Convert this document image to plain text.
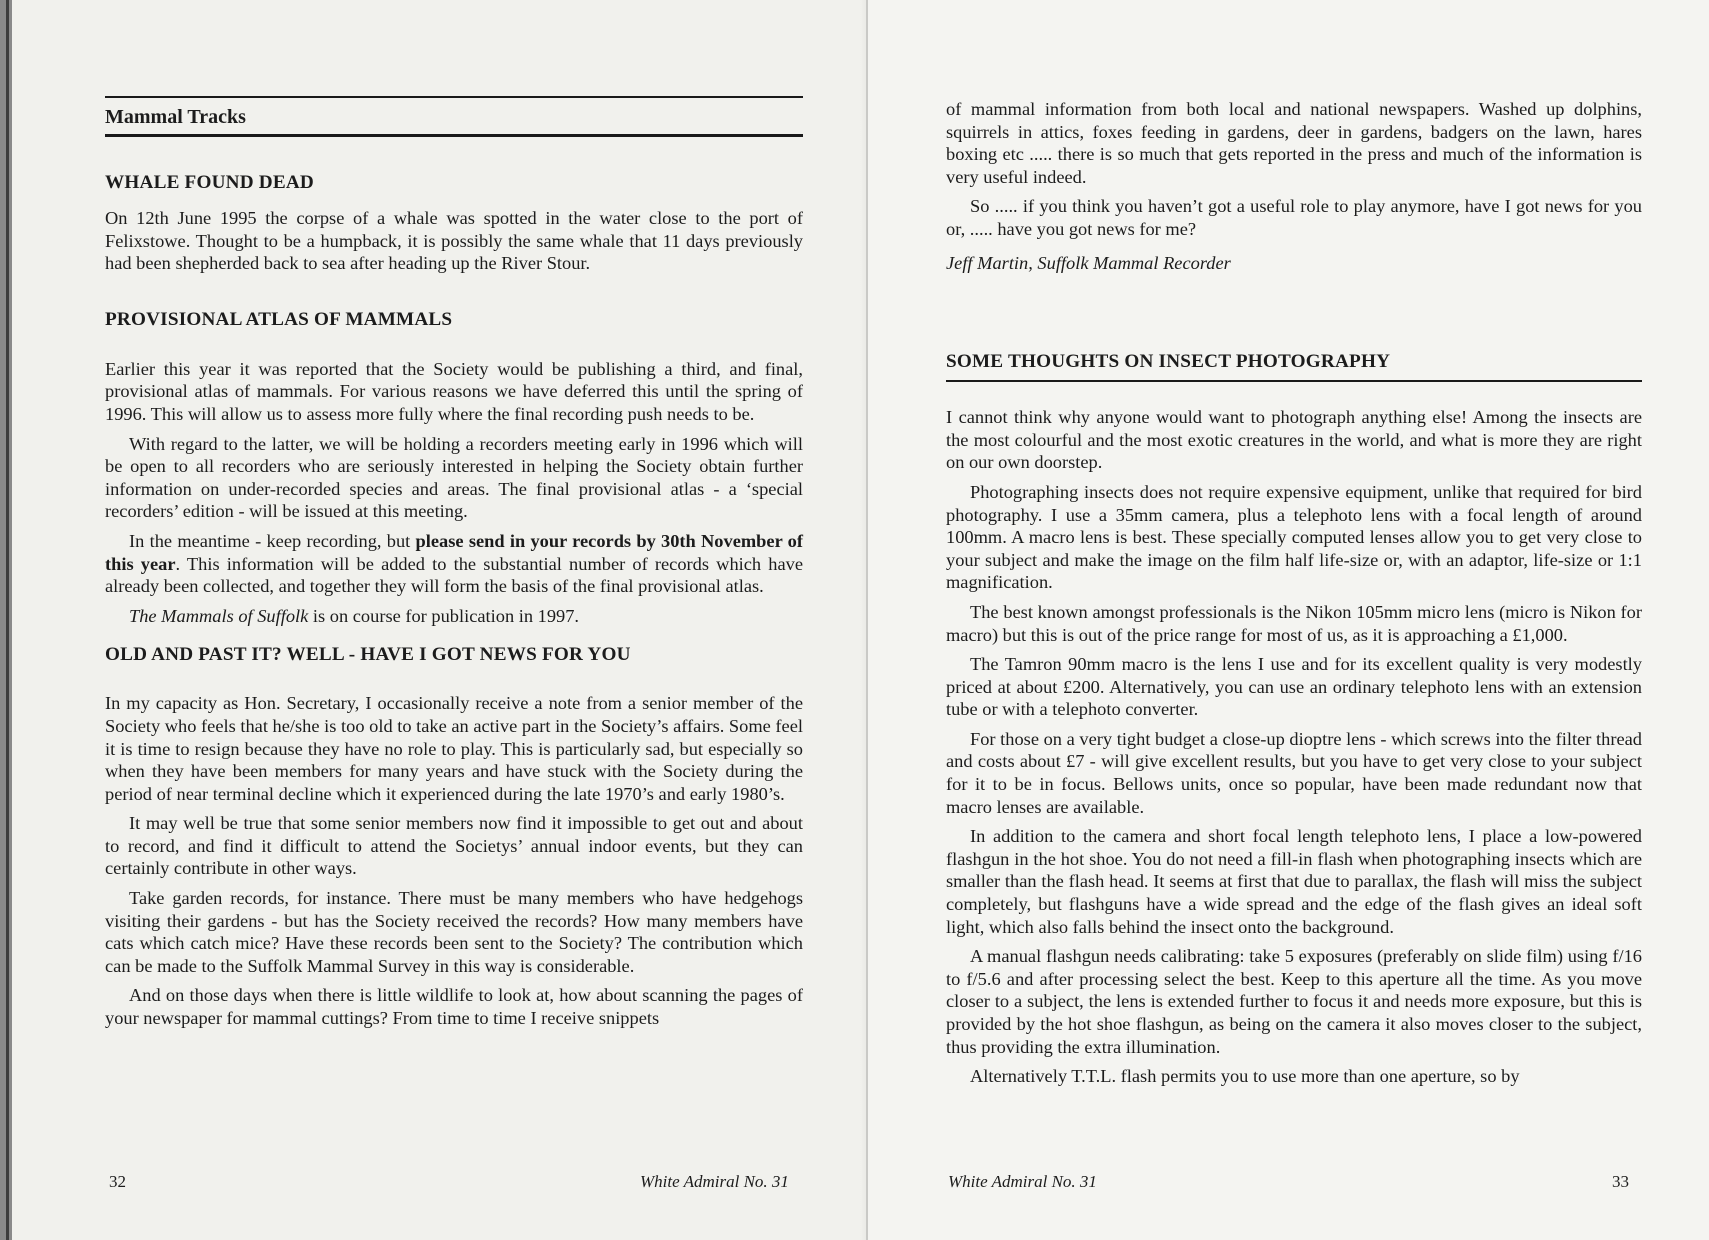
Mammal Tracks
WHALE FOUND DEAD

On 12th June 1995 the corpse of a whale was spotted in the water close to the port of Felixstowe. Thought to be a humpback, it is possibly the same whale that 11 days previously had been shepherded back to sea after heading up the River Stour.

PROVISIONAL ATLAS OF MAMMALS

Earlier this year it was reported that the Society would be publishing a third, and final, provisional atlas of mammals. For various reasons we have deferred this until the spring of 1996. This will allow us to assess more fully where the final recording push needs to be.

With regard to the latter, we will be holding a recorders meeting early in 1996 which will be open to all recorders who are seriously interested in helping the Society obtain further information on under-recorded species and areas. The final provisional atlas - a ‘special recorders’ edition - will be issued at this meeting.

In the meantime - keep recording, but please send in your records by 30th November of this year. This information will be added to the substantial number of records which have already been collected, and together they will form the basis of the final provisional atlas.

The Mammals of Suffolk is on course for publication in 1997.

OLD AND PAST IT? WELL - HAVE I GOT NEWS FOR YOU

In my capacity as Hon. Secretary, I occasionally receive a note from a senior member of the Society who feels that he/she is too old to take an active part in the Society’s affairs. Some feel it is time to resign because they have no role to play. This is particularly sad, but especially so when they have been members for many years and have stuck with the Society during the period of near terminal decline which it experienced during the late 1970’s and early 1980’s.

It may well be true that some senior members now find it impossible to get out and about to record, and find it difficult to attend the Societys’ annual indoor events, but they can certainly contribute in other ways.

Take garden records, for instance. There must be many members who have hedgehogs visiting their gardens - but has the Society received the records? How many members have cats which catch mice? Have these records been sent to the Society? The contribution which can be made to the Suffolk Mammal Survey in this way is considerable.

And on those days when there is little wildlife to look at, how about scanning the pages of your newspaper for mammal cuttings? From time to time I receive snippets

32	White Admiral No. 31

of mammal information from both local and national newspapers. Washed up dolphins, squirrels in attics, foxes feeding in gardens, deer in gardens, badgers on the lawn, hares boxing etc ..... there is so much that gets reported in the press and much of the information is very useful indeed.

So ..... if you think you haven’t got a useful role to play anymore, have I got news for you or, ..... have you got news for me?

Jeff Martin, Suffolk Mammal Recorder
SOME THOUGHTS ON INSECT PHOTOGRAPHY

I cannot think why anyone would want to photograph anything else! Among the insects are the most colourful and the most exotic creatures in the world, and what is more they are right on our own doorstep.

Photographing insects does not require expensive equipment, unlike that required for bird photography. I use a 35mm camera, plus a telephoto lens with a focal length of around 100mm. A macro lens is best. These specially computed lenses allow you to get very close to your subject and make the image on the film half life-size or, with an adaptor, life-size or 1:1 magnification.

The best known amongst professionals is the Nikon 105mm micro lens (micro is Nikon for macro) but this is out of the price range for most of us, as it is approaching a £1,000.

The Tamron 90mm macro is the lens I use and for its excellent quality is very modestly priced at about £200. Alternatively, you can use an ordinary telephoto lens with an extension tube or with a telephoto converter.

For those on a very tight budget a close-up dioptre lens - which screws into the filter thread and costs about £7 - will give excellent results, but you have to get very close to your subject for it to be in focus. Bellows units, once so popular, have been made redundant now that macro lenses are available.

In addition to the camera and short focal length telephoto lens, I place a low-powered flashgun in the hot shoe. You do not need a fill-in flash when photographing insects which are smaller than the flash head. It seems at first that due to parallax, the flash will miss the subject completely, but flashguns have a wide spread and the edge of the flash gives an ideal soft light, which also falls behind the insect onto the background.

A manual flashgun needs calibrating: take 5 exposures (preferably on slide film) using f/16 to f/5.6 and after processing select the best. Keep to this aperture all the time. As you move closer to a subject, the lens is extended further to focus it and needs more exposure, but this is provided by the hot shoe flashgun, as being on the camera it also moves closer to the subject, thus providing the extra illumination.

Alternatively T.T.L. flash permits you to use more than one aperture, so by

White Admiral No. 31	33
